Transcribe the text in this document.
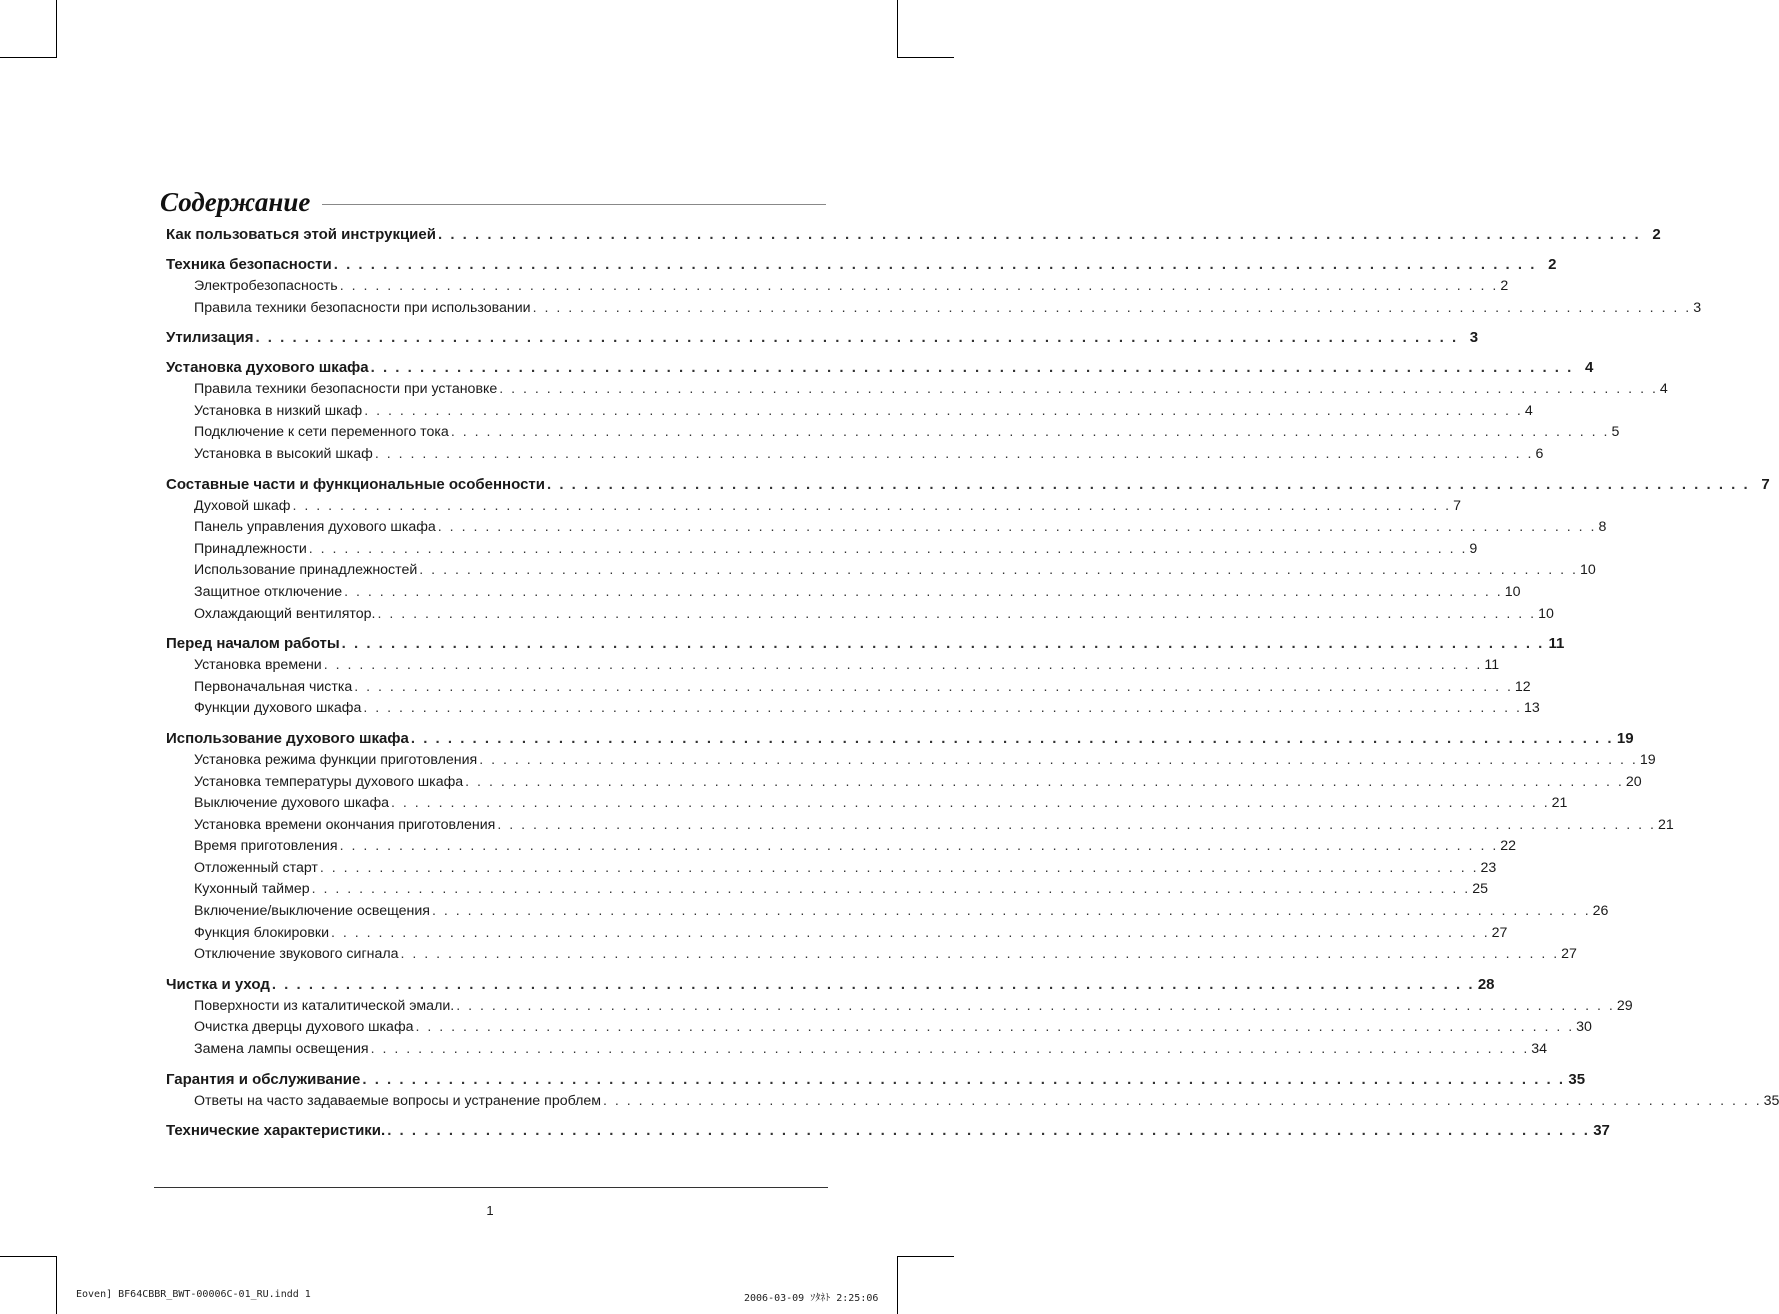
Содержание
Как пользоваться этой инструкцией . . . . . . . . . . . . . . . . . . . . . . . . . . . . . . . . . . . . . . . . . . . . . . . . . . . . . . . . . . . . . . . . . . . . . . . . . . . . . . . . . . . . . . . . . . . . . . . . . . 2
Техника безопасности . . . . . . . . . . . . . . . . . . . . . . . . . . . . . . . . . . . . . . . . . . . . . . . . . . . . . . . . . . . . . . . . . . . . . . . . . . . . . . . . . . . . . . . . . . . . . . . . . . 2
Электробезопасность . . . . . . . . . . . . . . . . . . . . . . . . . . . . . . . . . . . . . . . . . . . . . . . . . . . . . . . . . . . . . . . . . . . . . . . . . . . . . . . . . . . . . . . . . . . . . . . . . . 2
Правила техники безопасности при использовании . . . . . . . . . . . . . . . . . . . . . . . . . . . . . . . . . . . . . . . . . . . . . . . . . . . . . . . . . . . . . . . . . . . . . . . . . . . . . . . . . . . . . . . . . . . . . . . . . . 3
Утилизация . . . . . . . . . . . . . . . . . . . . . . . . . . . . . . . . . . . . . . . . . . . . . . . . . . . . . . . . . . . . . . . . . . . . . . . . . . . . . . . . . . . . . . . . . . . . . . . . . . 3
Установка духового шкафа . . . . . . . . . . . . . . . . . . . . . . . . . . . . . . . . . . . . . . . . . . . . . . . . . . . . . . . . . . . . . . . . . . . . . . . . . . . . . . . . . . . . . . . . . . . . . . . . . . 4
Правила техники безопасности при установке . . . . . . . . . . . . . . . . . . . . . . . . . . . . . . . . . . . . . . . . . . . . . . . . . . . . . . . . . . . . . . . . . . . . . . . . . . . . . . . . . . . . . . . . . . . . . . . . . . 4
Установка в низкий шкаф . . . . . . . . . . . . . . . . . . . . . . . . . . . . . . . . . . . . . . . . . . . . . . . . . . . . . . . . . . . . . . . . . . . . . . . . . . . . . . . . . . . . . . . . . . . . . . . . . . 4
Подключение к сети переменного тока . . . . . . . . . . . . . . . . . . . . . . . . . . . . . . . . . . . . . . . . . . . . . . . . . . . . . . . . . . . . . . . . . . . . . . . . . . . . . . . . . . . . . . . . . . . . . . . . . . 5
Установка в высокий шкаф . . . . . . . . . . . . . . . . . . . . . . . . . . . . . . . . . . . . . . . . . . . . . . . . . . . . . . . . . . . . . . . . . . . . . . . . . . . . . . . . . . . . . . . . . . . . . . . . . . 6
Составные части и функциональные особенности . . . . . . . . . . . . . . . . . . . . . . . . . . . . . . . . . . . . . . . . . . . . . . . . . . . . . . . . . . . . . . . . . . . . . . . . . . . . . . . . . . . . . . . . . . . . . . . . . . 7
Духовой шкаф . . . . . . . . . . . . . . . . . . . . . . . . . . . . . . . . . . . . . . . . . . . . . . . . . . . . . . . . . . . . . . . . . . . . . . . . . . . . . . . . . . . . . . . . . . . . . . . . . . 7
Панель управления духового шкафа . . . . . . . . . . . . . . . . . . . . . . . . . . . . . . . . . . . . . . . . . . . . . . . . . . . . . . . . . . . . . . . . . . . . . . . . . . . . . . . . . . . . . . . . . . . . . . . . . . 8
Принадлежности . . . . . . . . . . . . . . . . . . . . . . . . . . . . . . . . . . . . . . . . . . . . . . . . . . . . . . . . . . . . . . . . . . . . . . . . . . . . . . . . . . . . . . . . . . . . . . . . . . 9
Использование принадлежностей . . . . . . . . . . . . . . . . . . . . . . . . . . . . . . . . . . . . . . . . . . . . . . . . . . . . . . . . . . . . . . . . . . . . . . . . . . . . . . . . . . . . . . . . . . . . . . . . . . 10
Защитное отключение . . . . . . . . . . . . . . . . . . . . . . . . . . . . . . . . . . . . . . . . . . . . . . . . . . . . . . . . . . . . . . . . . . . . . . . . . . . . . . . . . . . . . . . . . . . . . . . . . . 10
Охлаждающий вентилятор. . . . . . . . . . . . . . . . . . . . . . . . . . . . . . . . . . . . . . . . . . . . . . . . . . . . . . . . . . . . . . . . . . . . . . . . . . . . . . . . . . . . . . . . . . . . . . . . . . . 10
Перед началом работы . . . . . . . . . . . . . . . . . . . . . . . . . . . . . . . . . . . . . . . . . . . . . . . . . . . . . . . . . . . . . . . . . . . . . . . . . . . . . . . . . . . . . . . . . . . . . . . . . . 11
Установка времени . . . . . . . . . . . . . . . . . . . . . . . . . . . . . . . . . . . . . . . . . . . . . . . . . . . . . . . . . . . . . . . . . . . . . . . . . . . . . . . . . . . . . . . . . . . . . . . . . . 11
Первоначальная чистка . . . . . . . . . . . . . . . . . . . . . . . . . . . . . . . . . . . . . . . . . . . . . . . . . . . . . . . . . . . . . . . . . . . . . . . . . . . . . . . . . . . . . . . . . . . . . . . . . . 12
Функции духового шкафа . . . . . . . . . . . . . . . . . . . . . . . . . . . . . . . . . . . . . . . . . . . . . . . . . . . . . . . . . . . . . . . . . . . . . . . . . . . . . . . . . . . . . . . . . . . . . . . . . . 13
Использование духового шкафа . . . . . . . . . . . . . . . . . . . . . . . . . . . . . . . . . . . . . . . . . . . . . . . . . . . . . . . . . . . . . . . . . . . . . . . . . . . . . . . . . . . . . . . . . . . . . . . . . . 19
Установка режима функции приготовления . . . . . . . . . . . . . . . . . . . . . . . . . . . . . . . . . . . . . . . . . . . . . . . . . . . . . . . . . . . . . . . . . . . . . . . . . . . . . . . . . . . . . . . . . . . . . . . . . . 19
Установка температуры духового шкафа . . . . . . . . . . . . . . . . . . . . . . . . . . . . . . . . . . . . . . . . . . . . . . . . . . . . . . . . . . . . . . . . . . . . . . . . . . . . . . . . . . . . . . . . . . . . . . . . . . 20
Выключение духового шкафа . . . . . . . . . . . . . . . . . . . . . . . . . . . . . . . . . . . . . . . . . . . . . . . . . . . . . . . . . . . . . . . . . . . . . . . . . . . . . . . . . . . . . . . . . . . . . . . . . . 21
Установка времени окончания приготовления . . . . . . . . . . . . . . . . . . . . . . . . . . . . . . . . . . . . . . . . . . . . . . . . . . . . . . . . . . . . . . . . . . . . . . . . . . . . . . . . . . . . . . . . . . . . . . . . . . 21
Время приготовления . . . . . . . . . . . . . . . . . . . . . . . . . . . . . . . . . . . . . . . . . . . . . . . . . . . . . . . . . . . . . . . . . . . . . . . . . . . . . . . . . . . . . . . . . . . . . . . . . . 22
Отложенный старт . . . . . . . . . . . . . . . . . . . . . . . . . . . . . . . . . . . . . . . . . . . . . . . . . . . . . . . . . . . . . . . . . . . . . . . . . . . . . . . . . . . . . . . . . . . . . . . . . . 23
Кухонный таймер . . . . . . . . . . . . . . . . . . . . . . . . . . . . . . . . . . . . . . . . . . . . . . . . . . . . . . . . . . . . . . . . . . . . . . . . . . . . . . . . . . . . . . . . . . . . . . . . . . 25
Включение/выключение освещения . . . . . . . . . . . . . . . . . . . . . . . . . . . . . . . . . . . . . . . . . . . . . . . . . . . . . . . . . . . . . . . . . . . . . . . . . . . . . . . . . . . . . . . . . . . . . . . . . . 26
Функция блокировки . . . . . . . . . . . . . . . . . . . . . . . . . . . . . . . . . . . . . . . . . . . . . . . . . . . . . . . . . . . . . . . . . . . . . . . . . . . . . . . . . . . . . . . . . . . . . . . . . . 27
Отключение звукового сигнала . . . . . . . . . . . . . . . . . . . . . . . . . . . . . . . . . . . . . . . . . . . . . . . . . . . . . . . . . . . . . . . . . . . . . . . . . . . . . . . . . . . . . . . . . . . . . . . . . . 27
Чистка и уход . . . . . . . . . . . . . . . . . . . . . . . . . . . . . . . . . . . . . . . . . . . . . . . . . . . . . . . . . . . . . . . . . . . . . . . . . . . . . . . . . . . . . . . . . . . . . . . . . . 28
Поверхности из каталитической эмали. . . . . . . . . . . . . . . . . . . . . . . . . . . . . . . . . . . . . . . . . . . . . . . . . . . . . . . . . . . . . . . . . . . . . . . . . . . . . . . . . . . . . . . . . . . . . . . . . . . 29
Очистка дверцы духового шкафа . . . . . . . . . . . . . . . . . . . . . . . . . . . . . . . . . . . . . . . . . . . . . . . . . . . . . . . . . . . . . . . . . . . . . . . . . . . . . . . . . . . . . . . . . . . . . . . . . . 30
Замена лампы освещения . . . . . . . . . . . . . . . . . . . . . . . . . . . . . . . . . . . . . . . . . . . . . . . . . . . . . . . . . . . . . . . . . . . . . . . . . . . . . . . . . . . . . . . . . . . . . . . . . . 34
Гарантия и обслуживание . . . . . . . . . . . . . . . . . . . . . . . . . . . . . . . . . . . . . . . . . . . . . . . . . . . . . . . . . . . . . . . . . . . . . . . . . . . . . . . . . . . . . . . . . . . . . . . . . . 35
Ответы на часто задаваемые вопросы и устранение проблем . . . . . . . . . . . . . . . . . . . . . . . . . . . . . . . . . . . . . . . . . . . . . . . . . . . . . . . . . . . . . . . . . . . . . . . . . . . . . . . . . . . . . . . . . . . . . . . . . . 35
Технические характеристики. . . . . . . . . . . . . . . . . . . . . . . . . . . . . . . . . . . . . . . . . . . . . . . . . . . . . . . . . . . . . . . . . . . . . . . . . . . . . . . . . . . . . . . . . . . . . . . . . . . 37
1
Eoven] BF64CBBR_BWT-00006C-01_RU.indd 1	2006-03-09 ｿﾀﾈﾄ 2:25:06
